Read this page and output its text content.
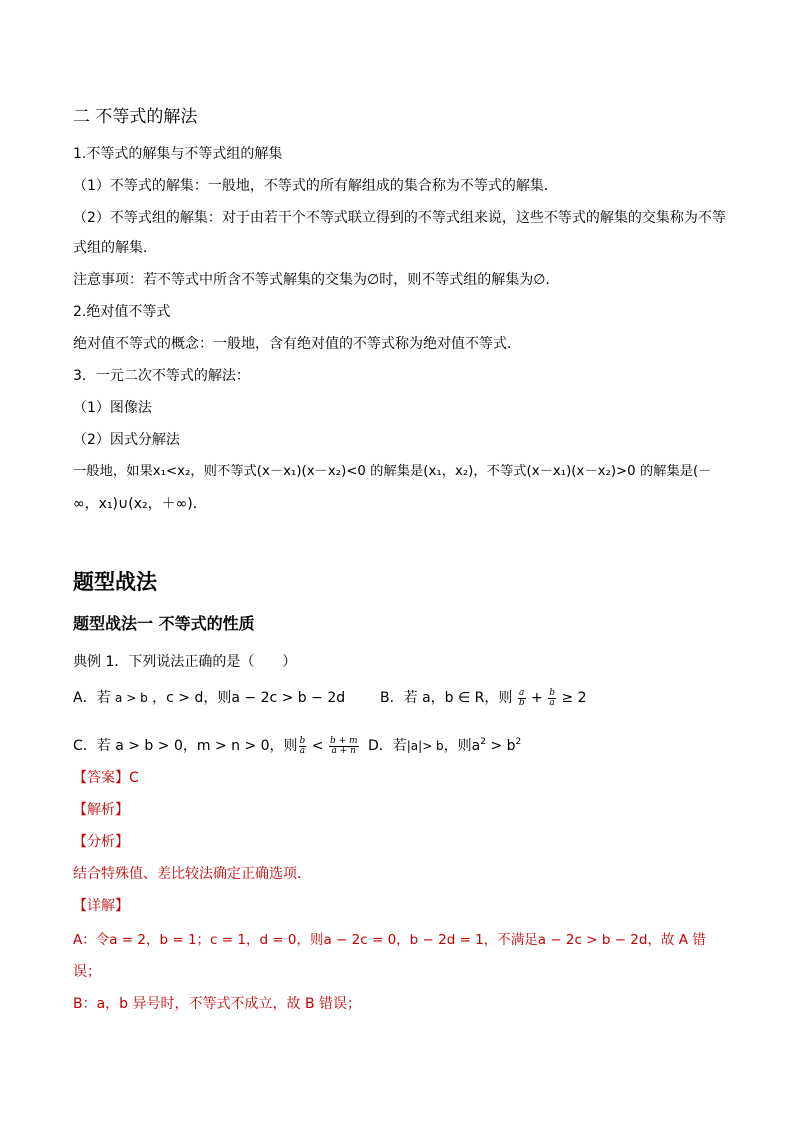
二 不等式的解法
1.不等式的解集与不等式组的解集
（1）不等式的解集：一般地，不等式的所有解组成的集合称为不等式的解集．
（2）不等式组的解集：对于由若干个不等式联立得到的不等式组来说，这些不等式的解集的交集称为不等
式组的解集．
注意事项：若不等式中所含不等式解集的交集为∅时，则不等式组的解集为∅.
2.绝对值不等式
绝对值不等式的概念：一般地，含有绝对值的不等式称为绝对值不等式．
3．一元二次不等式的解法：
（1）图像法
（2）因式分解法
一般地，如果x₁<x₂，则不等式(x－x₁)(x－x₂)<0 的解集是(x₁，x₂)，不等式(x－x₁)(x－x₂)>0 的解集是(－
∞，x₁)∪(x₂，＋∞)．
题型战法
题型战法一 不等式的性质
典例 1．下列说法正确的是（　　）
A．若 a > b ，c > d，则a − 2c > b − 2d B．若 a，b ∈ R，则 $\frac{a}{b} + \frac{b}{a} \ge 2$
C．若 a > b > 0，m > n > 0，则 $\frac{b}{a} < \frac{b + m}{a + n}$ D．若|a|> b，则$a^2 > b^2$
【答案】C
【解析】
【分析】
结合特殊值、差比较法确定正确选项．
【详解】
A：令a = 2，b = 1；c = 1，d = 0，则a − 2c = 0，b − 2d = 1，不满足a − 2c > b − 2d，故 A 错
误；
B：a，b 异号时，不等式不成立，故 B 错误；
